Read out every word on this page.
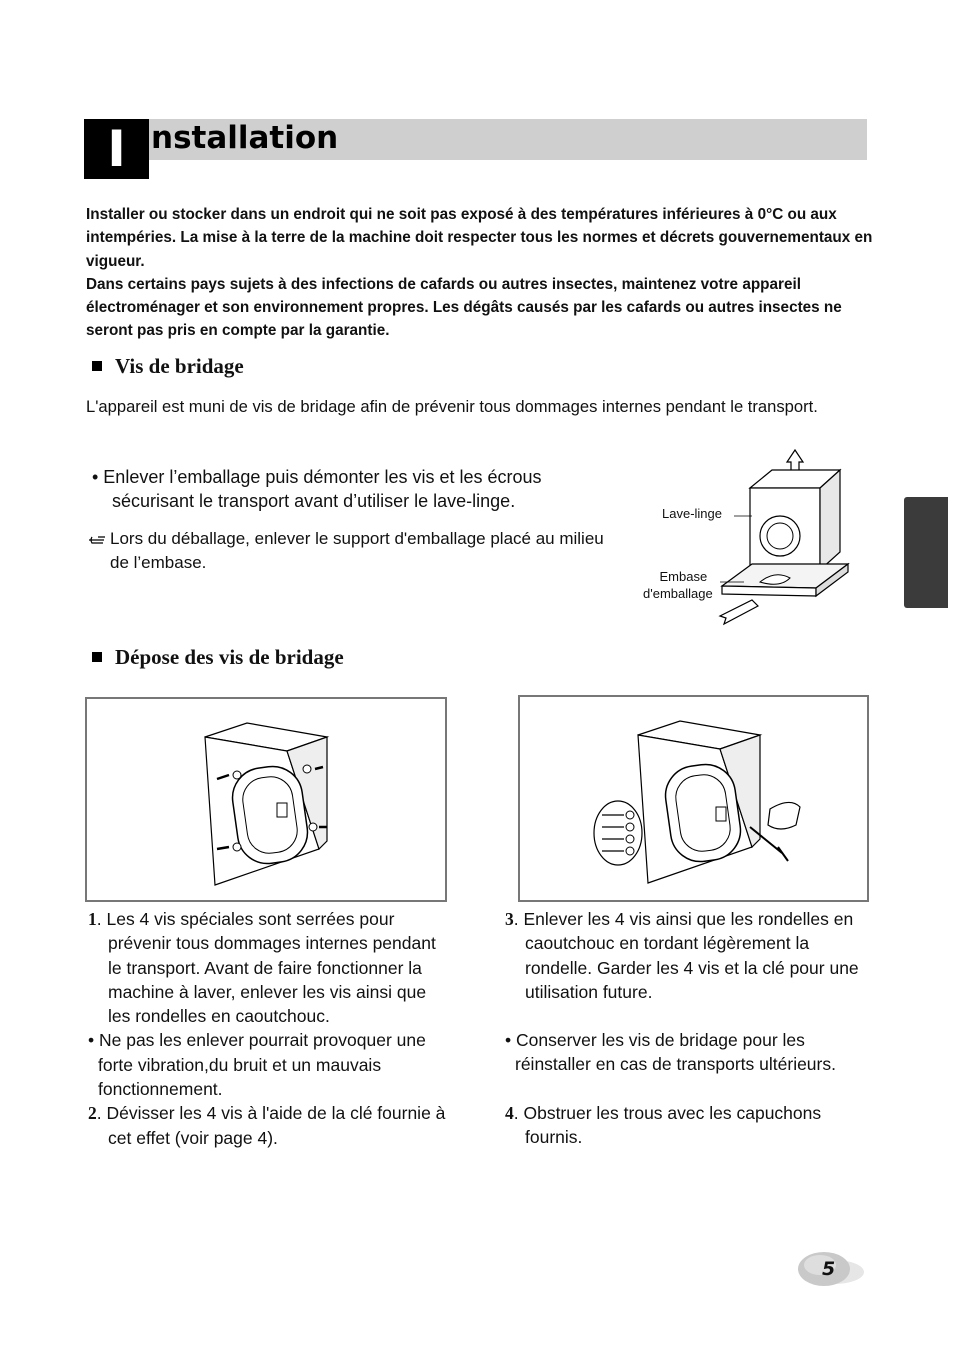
I nstallation

Installer ou stocker dans un endroit qui ne soit pas exposé à des températures inférieures à 0°C ou aux intempéries. La mise à la terre de la machine doit respecter tous les normes et décrets gouvernementaux en vigueur.

Dans certains pays sujets à des infections de cafards ou autres insectes, maintenez votre appareil électroménager et son environnement propres. Les dégâts causés par les cafards ou autres insectes ne seront pas pris en compte par la garantie.

Vis de bridage

L'appareil est muni de vis de bridage afin de prévenir tous dommages internes pendant le transport.

• Enlever l’emballage puis démonter les vis et les écrous sécurisant le transport avant d’utiliser le lave-linge.

Lors du déballage, enlever le support d'emballage placé au milieu de l’embase.
Lave-linge
Embase
d'emballage
Dépose des vis de bridage

1. Les 4 vis spéciales sont serrées pour prévenir tous dommages internes pendant le transport. Avant de faire fonctionner la machine à laver, enlever les vis ainsi que les rondelles en caoutchouc.

• Ne pas les enlever pourrait provoquer une forte vibration,du bruit et un mauvais fonctionnement.

2. Dévisser les 4 vis à l'aide de la clé fournie à cet effet (voir page 4).

3. Enlever les 4 vis ainsi que les rondelles en caoutchouc en tordant légèrement la rondelle. Garder les 4 vis et la clé pour une utilisation future.

• Conserver les vis de bridage pour les réinstaller en cas de transports ultérieurs.

4. Obstruer les trous avec les capuchons fournis.

5
